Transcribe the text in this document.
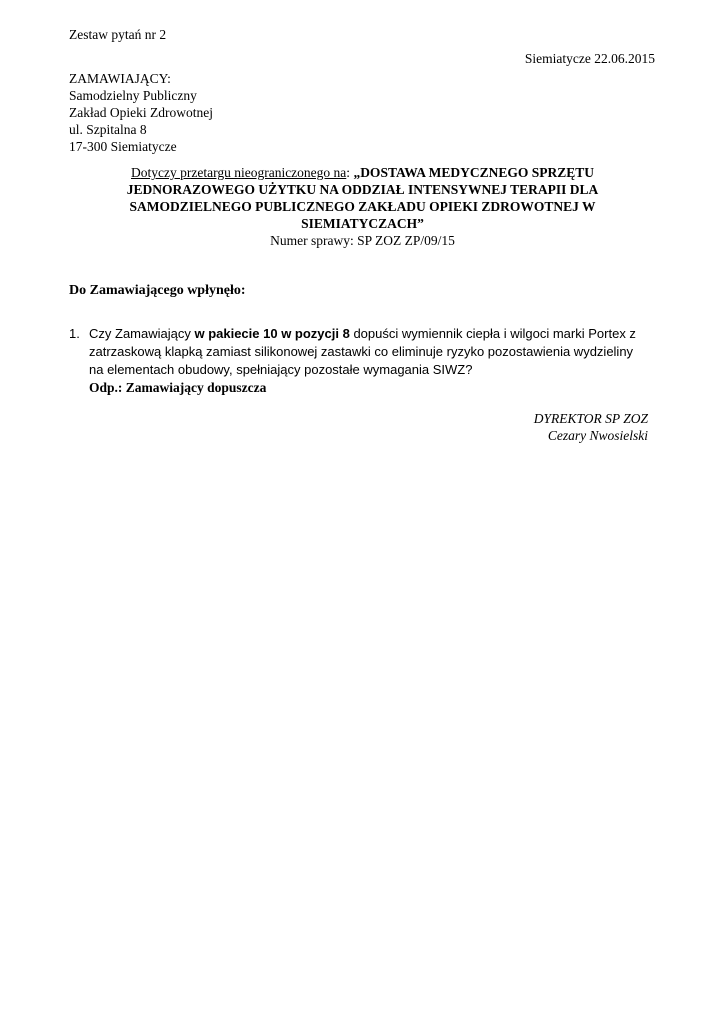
Zestaw pytań nr 2
Siemiatycze 22.06.2015
ZAMAWIAJĄCY:
Samodzielny Publiczny
Zakład Opieki Zdrowotnej
ul. Szpitalna 8
17-300 Siemiatycze
Dotyczy przetargu nieograniczonego na: „DOSTAWA MEDYCZNEGO SPRZĘTU
JEDNORAZOWEGO UŻYTKU NA ODDZIAŁ INTENSYWNEJ TERAPII DLA
SAMODZIELNEGO PUBLICZNEGO ZAKŁADU OPIEKI ZDROWOTNEJ W
SIEMIATYCZACH”
Numer sprawy: SP ZOZ ZP/09/15
Do Zamawiającego wpłynęło:
1. Czy Zamawiający w pakiecie 10 w pozycji 8 dopuści wymiennik ciepła i wilgoci marki Portex z
zatrzaskową klapką zamiast silikonowej zastawki co eliminuje ryzyko pozostawienia wydzieliny
na elementach obudowy, spełniający pozostałe wymagania SIWZ?
Odp.: Zamawiający dopuszcza
DYREKTOR SP ZOZ
Cezary Nwosielski
